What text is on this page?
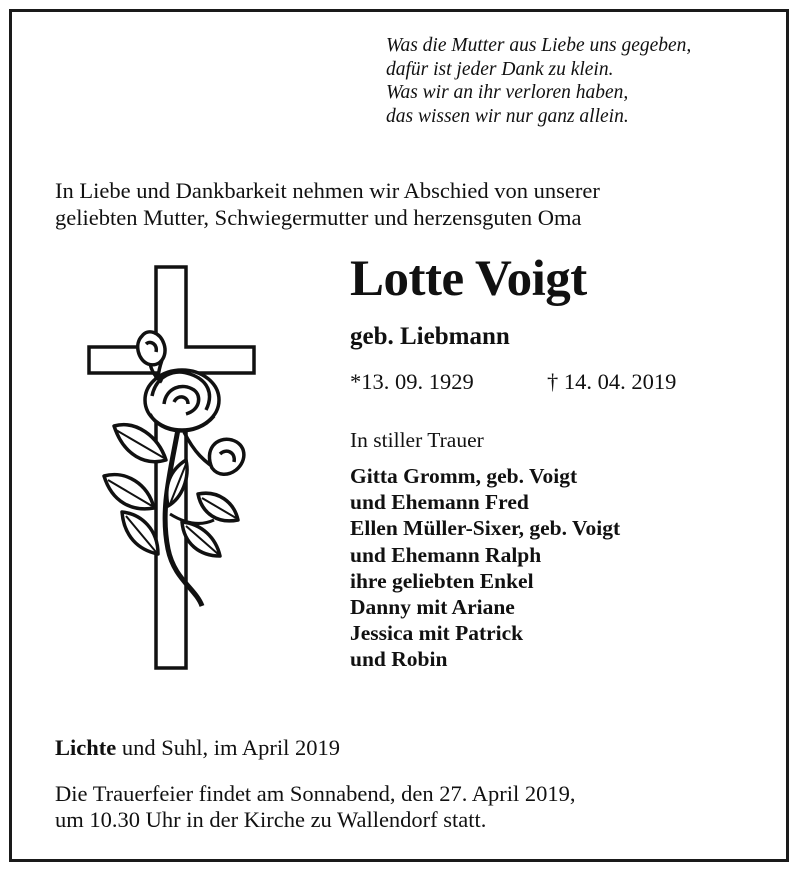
Was die Mutter aus Liebe uns gegeben,
dafür ist jeder Dank zu klein.
Was wir an ihr verloren haben,
das wissen wir nur ganz allein.
In Liebe und Dankbarkeit nehmen wir Abschied von unserer
geliebten Mutter, Schwiegermutter und herzensguten Oma
Lotte Voigt
geb. Liebmann
*13. 09. 1929	† 14. 04. 2019
In stiller Trauer
Gitta Gromm, geb. Voigt
und Ehemann Fred
Ellen Müller-Sixer, geb. Voigt
und Ehemann Ralph
ihre geliebten Enkel
Danny mit Ariane
Jessica mit Patrick
und Robin
Lichte und Suhl, im April 2019
Die Trauerfeier findet am Sonnabend, den 27. April 2019,
um 10.30 Uhr in der Kirche zu Wallendorf statt.
